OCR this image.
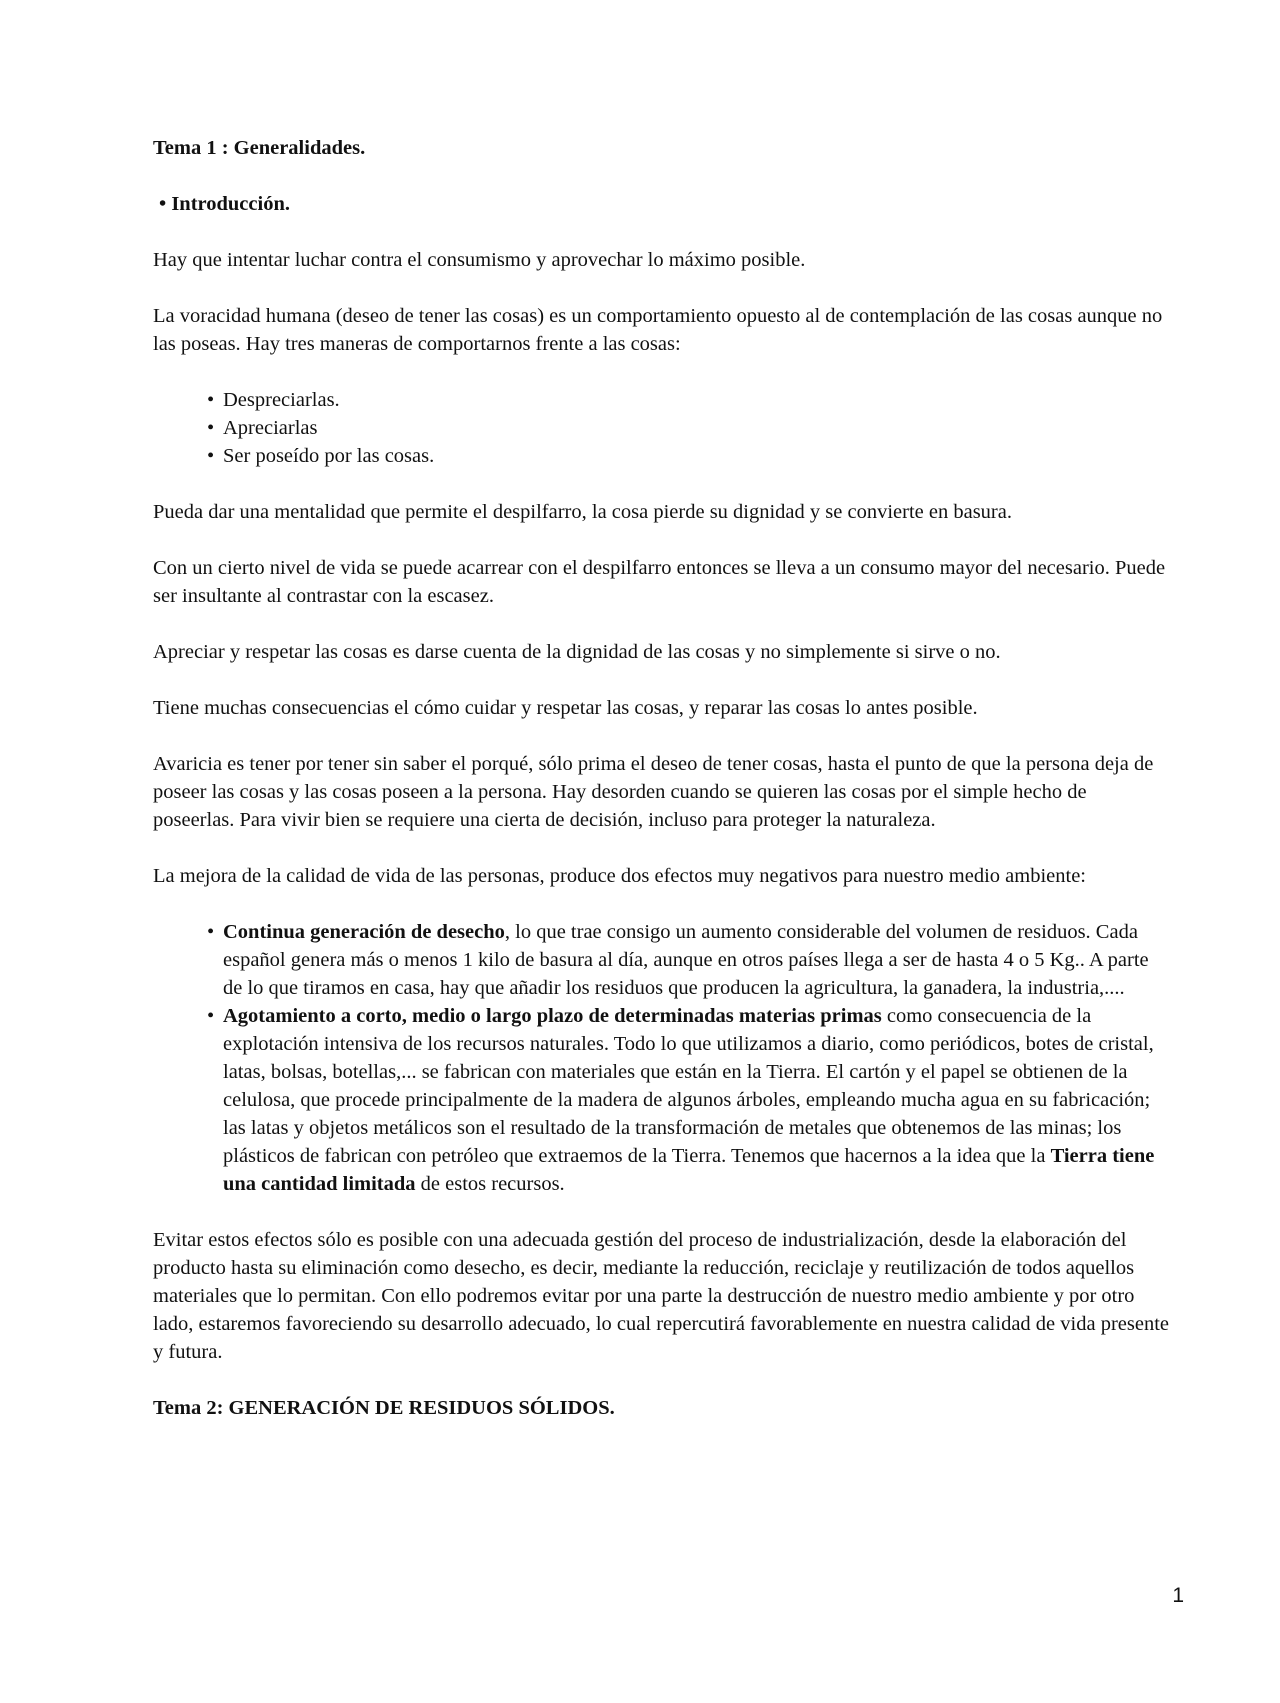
Tema 1 : Generalidades.

• Introducción.

Hay que intentar luchar contra el consumismo y aprovechar lo máximo posible.

La voracidad humana (deseo de tener las cosas) es un comportamiento opuesto al de contemplación de las cosas aunque no las poseas. Hay tres maneras de comportarnos frente a las cosas:

• Despreciarlas.
• Apreciarlas
• Ser poseído por las cosas.

Pueda dar una mentalidad que permite el despilfarro, la cosa pierde su dignidad y se convierte en basura.

Con un cierto nivel de vida se puede acarrear con el despilfarro entonces se lleva a un consumo mayor del necesario. Puede ser insultante al contrastar con la escasez.

Apreciar y respetar las cosas es darse cuenta de la dignidad de las cosas y no simplemente si sirve o no.

Tiene muchas consecuencias el cómo cuidar y respetar las cosas, y reparar las cosas lo antes posible.

Avaricia es tener por tener sin saber el porqué, sólo prima el deseo de tener cosas, hasta el punto de que la persona deja de poseer las cosas y las cosas poseen a la persona. Hay desorden cuando se quieren las cosas por el simple hecho de poseerlas. Para vivir bien se requiere una cierta de decisión, incluso para proteger la naturaleza.

La mejora de la calidad de vida de las personas, produce dos efectos muy negativos para nuestro medio ambiente:

• Continua generación de desecho, lo que trae consigo un aumento considerable del volumen de residuos. Cada español genera más o menos 1 kilo de basura al día, aunque en otros países llega a ser de hasta 4 o 5 Kg.. A parte de lo que tiramos en casa, hay que añadir los residuos que producen la agricultura, la ganadera, la industria,....
• Agotamiento a corto, medio o largo plazo de determinadas materias primas como consecuencia de la explotación intensiva de los recursos naturales. Todo lo que utilizamos a diario, como periódicos, botes de cristal, latas, bolsas, botellas,... se fabrican con materiales que están en la Tierra. El cartón y el papel se obtienen de la celulosa, que procede principalmente de la madera de algunos árboles, empleando mucha agua en su fabricación; las latas y objetos metálicos son el resultado de la transformación de metales que obtenemos de las minas; los plásticos de fabrican con petróleo que extraemos de la Tierra. Tenemos que hacernos a la idea que la Tierra tiene una cantidad limitada de estos recursos.

Evitar estos efectos sólo es posible con una adecuada gestión del proceso de industrialización, desde la elaboración del producto hasta su eliminación como desecho, es decir, mediante la reducción, reciclaje y reutilización de todos aquellos materiales que lo permitan. Con ello podremos evitar por una parte la destrucción de nuestro medio ambiente y por otro lado, estaremos favoreciendo su desarrollo adecuado, lo cual repercutirá favorablemente en nuestra calidad de vida presente y futura.

Tema 2: GENERACIÓN DE RESIDUOS SÓLIDOS.

1
